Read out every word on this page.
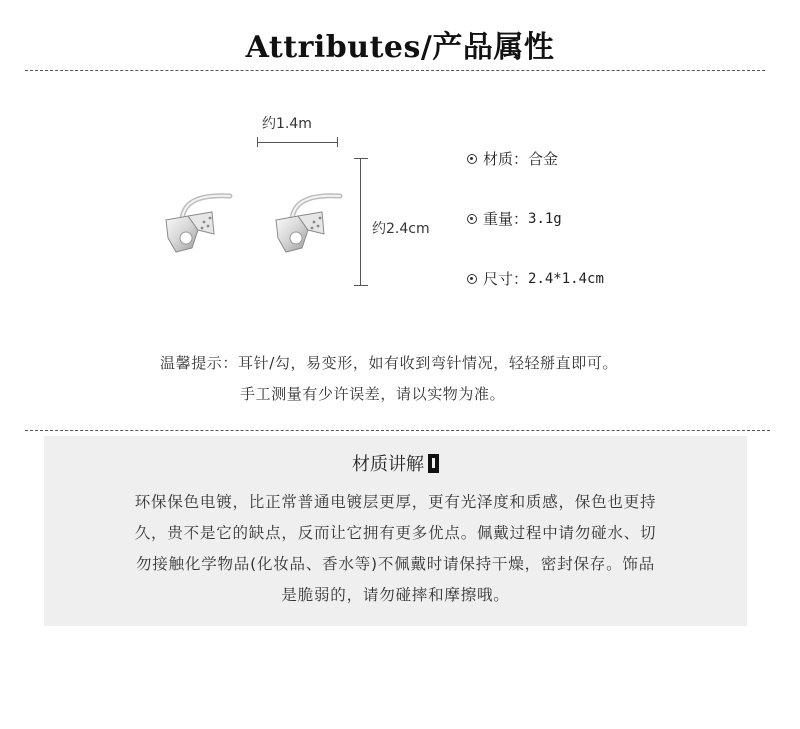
Attributes/产品属性
约1.4m
约2.4cm
材质： 合金
重量： 3.1g
尺寸： 2.4*1.4cm
温馨提示：耳针/勾，易变形，如有收到弯针情况，轻轻掰直即可。
手工测量有少许误差，请以实物为准。
材质讲解
环保保色电镀，比正常普通电镀层更厚，更有光泽度和质感，保色也更持
久，贵不是它的缺点，反而让它拥有更多优点。佩戴过程中请勿碰水、切
勿接触化学物品(化妆品、香水等)不佩戴时请保持干燥，密封保存。饰品
是脆弱的，请勿碰摔和摩擦哦。
